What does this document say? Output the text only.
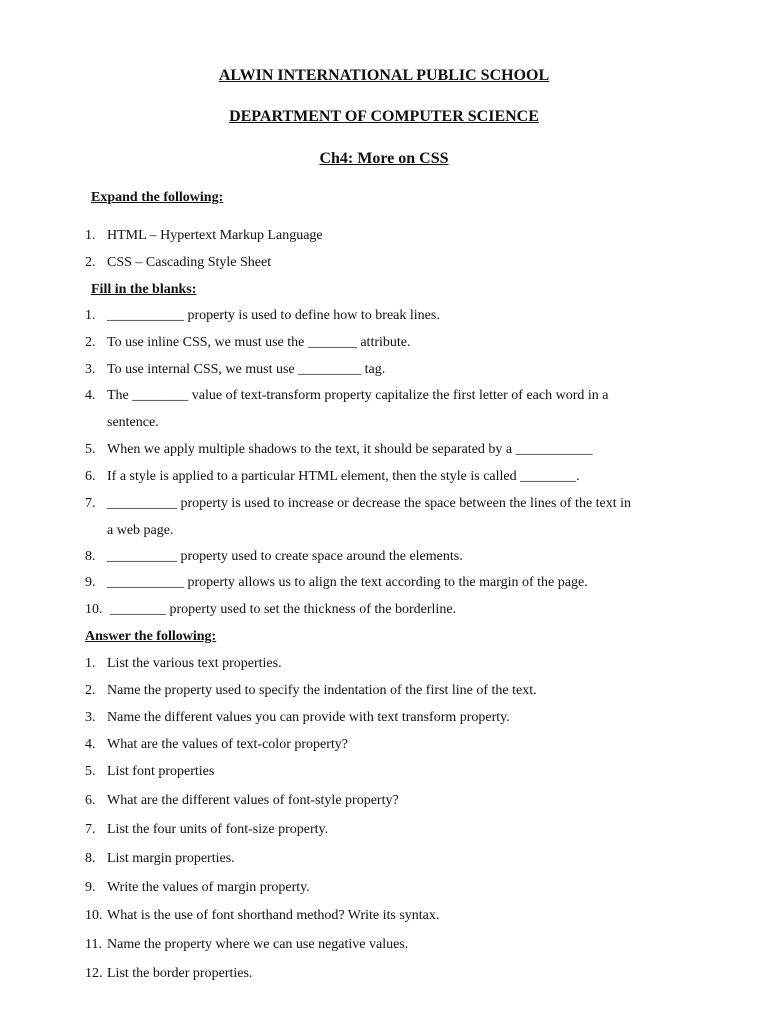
ALWIN INTERNATIONAL PUBLIC SCHOOL
DEPARTMENT OF COMPUTER SCIENCE
Ch4: More on CSS
Expand the following:
1. HTML – Hypertext Markup Language
2. CSS – Cascading Style Sheet
Fill in the blanks:
1. ___________ property is used to define how to break lines.
2. To use inline CSS, we must use the _______ attribute.
3. To use internal CSS, we must use _________ tag.
4. The ________ value of text-transform property capitalize the first letter of each word in a
sentence.
5. When we apply multiple shadows to the text, it should be separated by a ___________
6. If a style is applied to a particular HTML element, then the style is called ________.
7. __________ property is used to increase or decrease the space between the lines of the text in
a web page.
8. __________ property used to create space around the elements.
9. ___________ property allows us to align the text according to the margin of the page.
10. ________ property used to set the thickness of the borderline.
Answer the following:
1. List the various text properties.
2. Name the property used to specify the indentation of the first line of the text.
3. Name the different values you can provide with text transform property.
4. What are the values of text-color property?
5. List font properties
6. What are the different values of font-style property?
7. List the four units of font-size property.
8. List margin properties.
9. Write the values of margin property.
10. What is the use of font shorthand method? Write its syntax.
11. Name the property where we can use negative values.
12. List the border properties.
